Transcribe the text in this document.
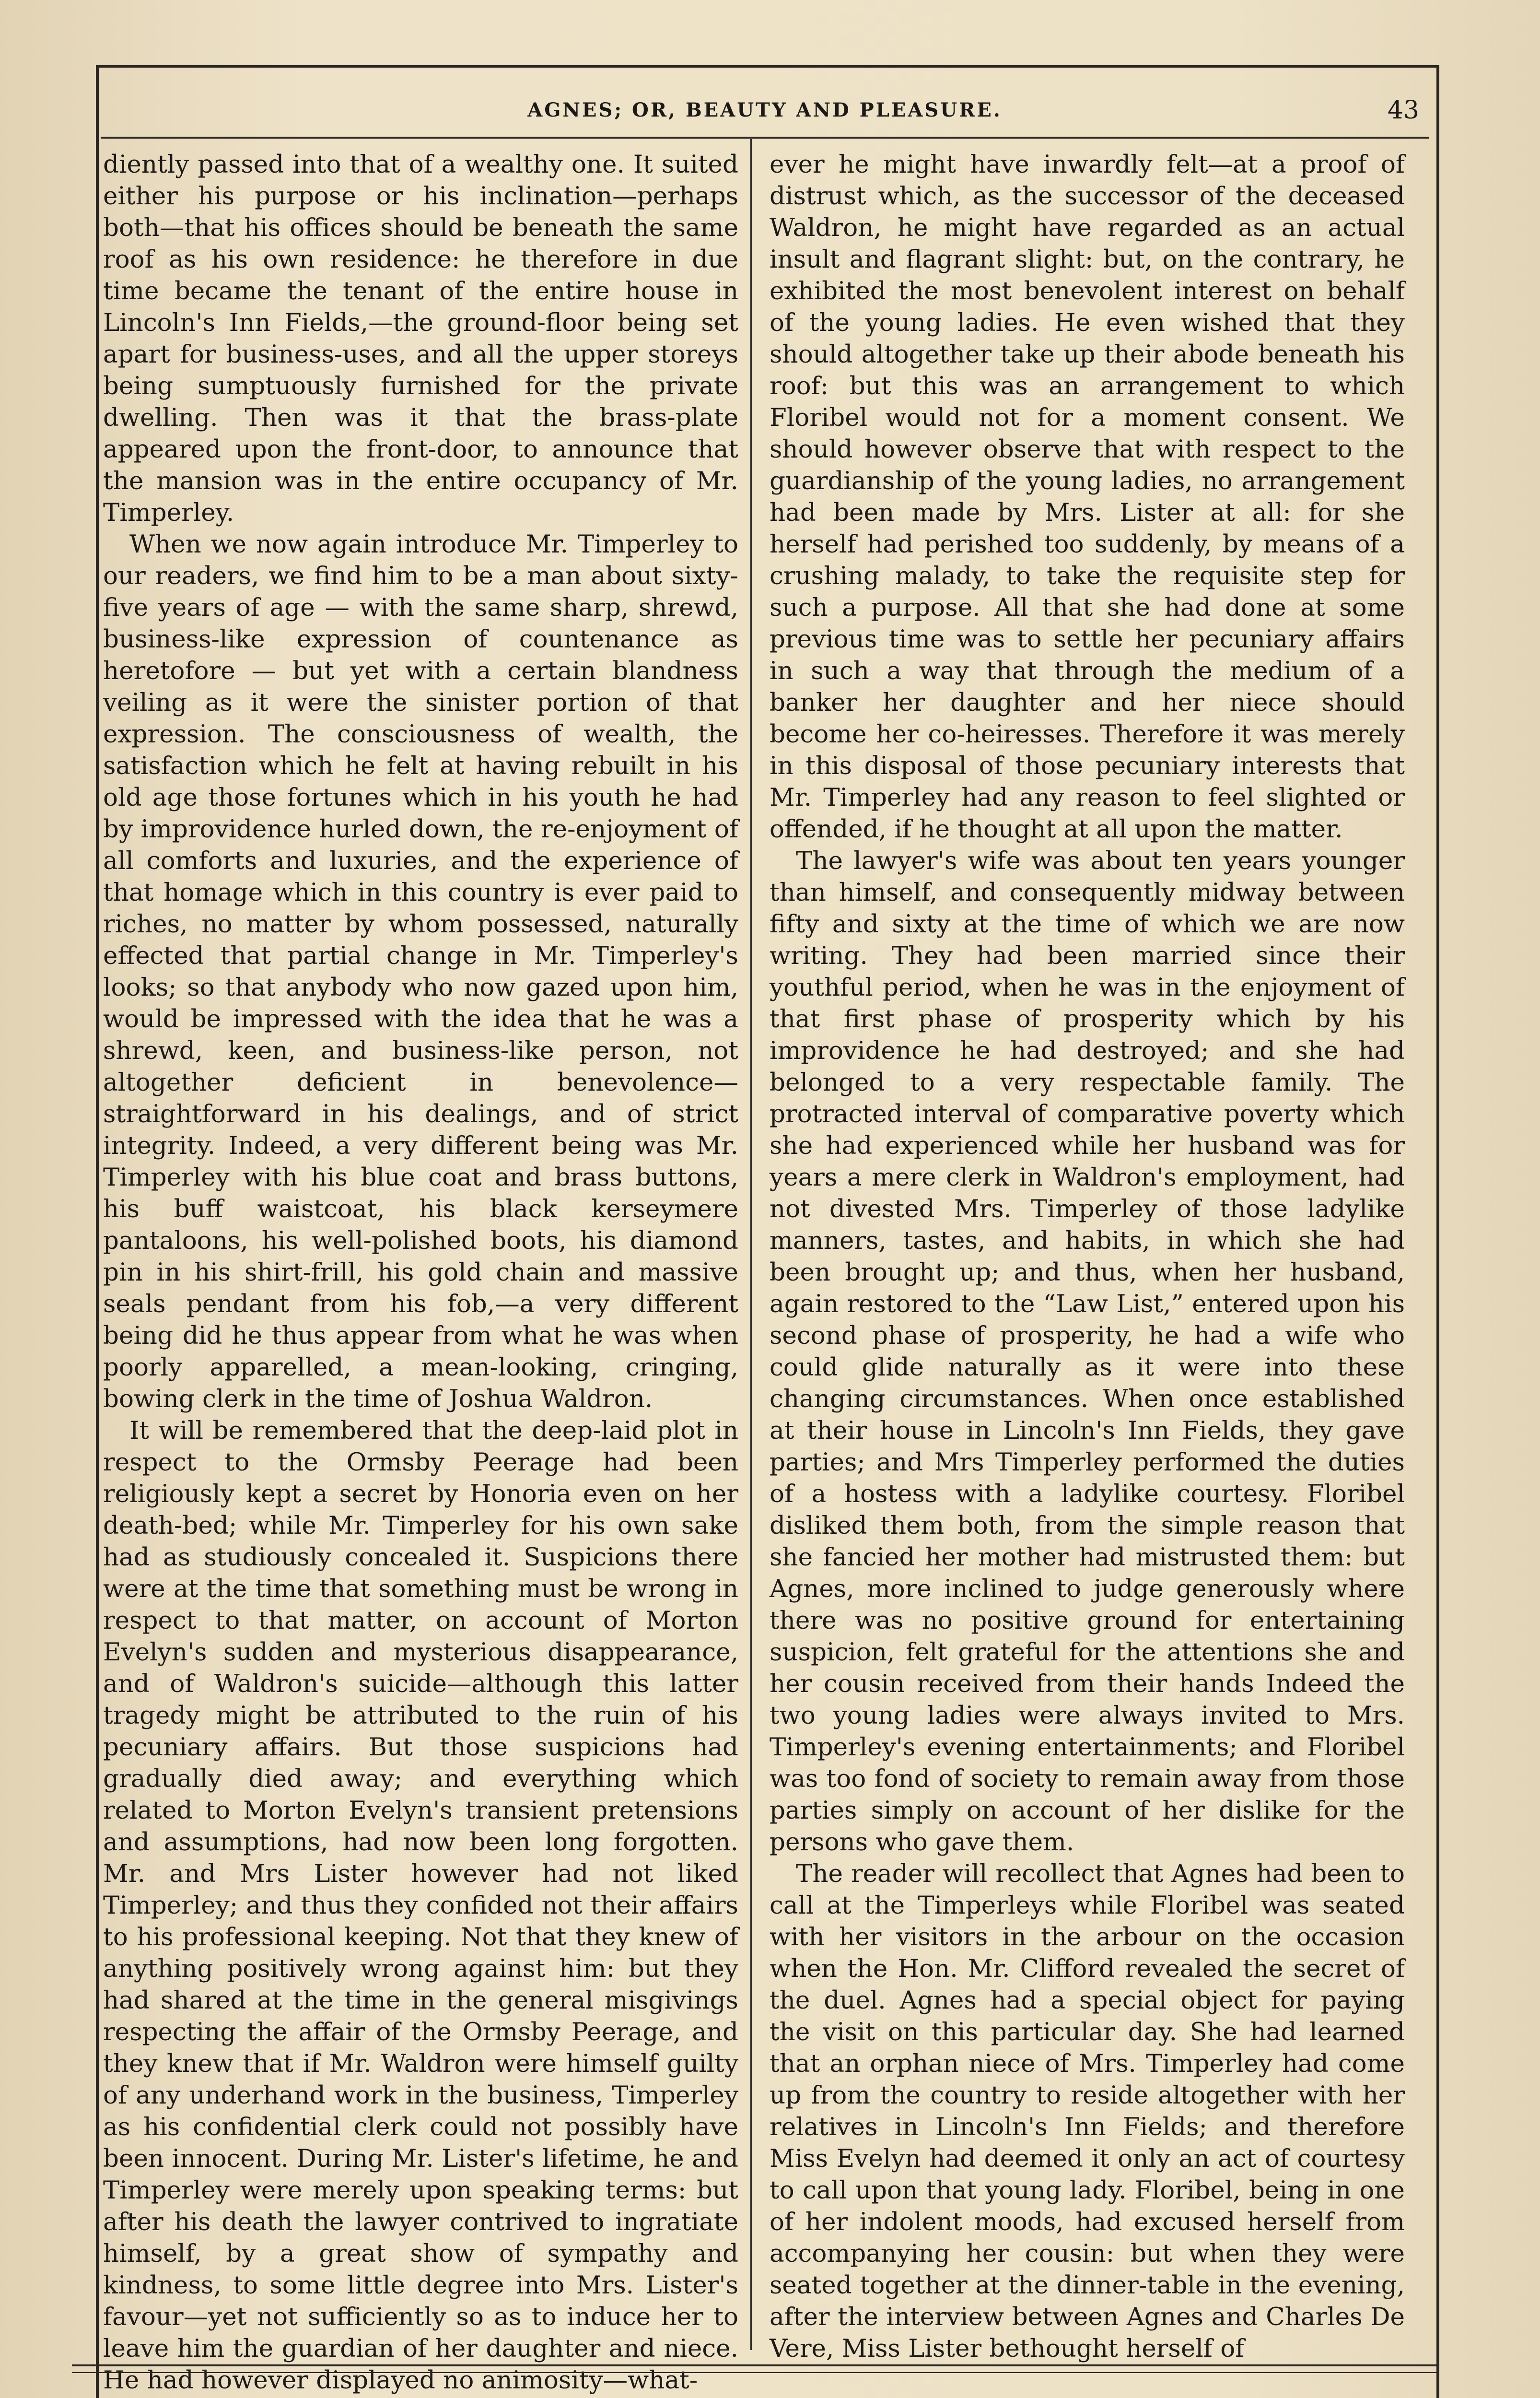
AGNES; OR, BEAUTY AND PLEASURE.	43

diently passed into that of a wealthy one. It suited either his purpose or his inclination—perhaps both—that his offices should be beneath the same roof as his own residence: he therefore in due time became the tenant of the entire house in Lincoln's Inn Fields,—the ground-floor being set apart for business-uses, and all the upper storeys being sumptuously furnished for the private dwelling. Then was it that the brass-plate appeared upon the front-door, to announce that the mansion was in the entire occupancy of Mr. Timperley.

When we now again introduce Mr. Timperley to our readers, we find him to be a man about sixty-five years of age — with the same sharp, shrewd, business-like expression of countenance as heretofore — but yet with a certain blandness veiling as it were the sinister portion of that expression. The consciousness of wealth, the satisfaction which he felt at having rebuilt in his old age those fortunes which in his youth he had by improvidence hurled down, the re-enjoyment of all comforts and luxuries, and the experience of that homage which in this country is ever paid to riches, no matter by whom possessed, naturally effected that partial change in Mr. Timperley's looks; so that anybody who now gazed upon him, would be impressed with the idea that he was a shrewd, keen, and business-like person, not altogether deficient in benevolence—straightforward in his dealings, and of strict integrity. Indeed, a very different being was Mr. Timperley with his blue coat and brass buttons, his buff waistcoat, his black kerseymere pantaloons, his well-polished boots, his diamond pin in his shirt-frill, his gold chain and massive seals pendant from his fob,—a very different being did he thus appear from what he was when poorly apparelled, a mean-looking, cringing, bowing clerk in the time of Joshua Waldron.

It will be remembered that the deep-laid plot in respect to the Ormsby Peerage had been religiously kept a secret by Honoria even on her death-bed; while Mr. Timperley for his own sake had as studiously concealed it. Suspicions there were at the time that something must be wrong in respect to that matter, on account of Morton Evelyn's sudden and mysterious disappearance, and of Waldron's suicide—although this latter tragedy might be attributed to the ruin of his pecuniary affairs. But those suspicions had gradually died away; and everything which related to Morton Evelyn's transient pretensions and assumptions, had now been long forgotten. Mr. and Mrs Lister however had not liked Timperley; and thus they confided not their affairs to his professional keeping. Not that they knew of anything positively wrong against him: but they had shared at the time in the general misgivings respecting the affair of the Ormsby Peerage, and they knew that if Mr. Waldron were himself guilty of any underhand work in the business, Timperley as his confidential clerk could not possibly have been innocent. During Mr. Lister's lifetime, he and Timperley were merely upon speaking terms: but after his death the lawyer contrived to ingratiate himself, by a great show of sympathy and kindness, to some little degree into Mrs. Lister's favour—yet not sufficiently so as to induce her to leave him the guardian of her daughter and niece. He had however displayed no animosity—what-

ever he might have inwardly felt—at a proof of distrust which, as the successor of the deceased Waldron, he might have regarded as an actual insult and flagrant slight: but, on the contrary, he exhibited the most benevolent interest on behalf of the young ladies. He even wished that they should altogether take up their abode beneath his roof: but this was an arrangement to which Floribel would not for a moment consent. We should however observe that with respect to the guardianship of the young ladies, no arrangement had been made by Mrs. Lister at all: for she herself had perished too suddenly, by means of a crushing malady, to take the requisite step for such a purpose. All that she had done at some previous time was to settle her pecuniary affairs in such a way that through the medium of a banker her daughter and her niece should become her co-heiresses. Therefore it was merely in this disposal of those pecuniary interests that Mr. Timperley had any reason to feel slighted or offended, if he thought at all upon the matter.

The lawyer's wife was about ten years younger than himself, and consequently midway between fifty and sixty at the time of which we are now writing. They had been married since their youthful period, when he was in the enjoyment of that first phase of prosperity which by his improvidence he had destroyed; and she had belonged to a very respectable family. The protracted interval of comparative poverty which she had experienced while her husband was for years a mere clerk in Waldron's employment, had not divested Mrs. Timperley of those ladylike manners, tastes, and habits, in which she had been brought up; and thus, when her husband, again restored to the “Law List,” entered upon his second phase of prosperity, he had a wife who could glide naturally as it were into these changing circumstances. When once established at their house in Lincoln's Inn Fields, they gave parties; and Mrs Timperley performed the duties of a hostess with a ladylike courtesy. Floribel disliked them both, from the simple reason that she fancied her mother had mistrusted them: but Agnes, more inclined to judge generously where there was no positive ground for entertaining suspicion, felt grateful for the attentions she and her cousin received from their hands Indeed the two young ladies were always invited to Mrs. Timperley's evening entertainments; and Floribel was too fond of society to remain away from those parties simply on account of her dislike for the persons who gave them.

The reader will recollect that Agnes had been to call at the Timperleys while Floribel was seated with her visitors in the arbour on the occasion when the Hon. Mr. Clifford revealed the secret of the duel. Agnes had a special object for paying the visit on this particular day. She had learned that an orphan niece of Mrs. Timperley had come up from the country to reside altogether with her relatives in Lincoln's Inn Fields; and therefore Miss Evelyn had deemed it only an act of courtesy to call upon that young lady. Floribel, being in one of her indolent moods, had excused herself from accompanying her cousin: but when they were seated together at the dinner-table in the evening, after the interview between Agnes and Charles De Vere, Miss Lister bethought herself of
